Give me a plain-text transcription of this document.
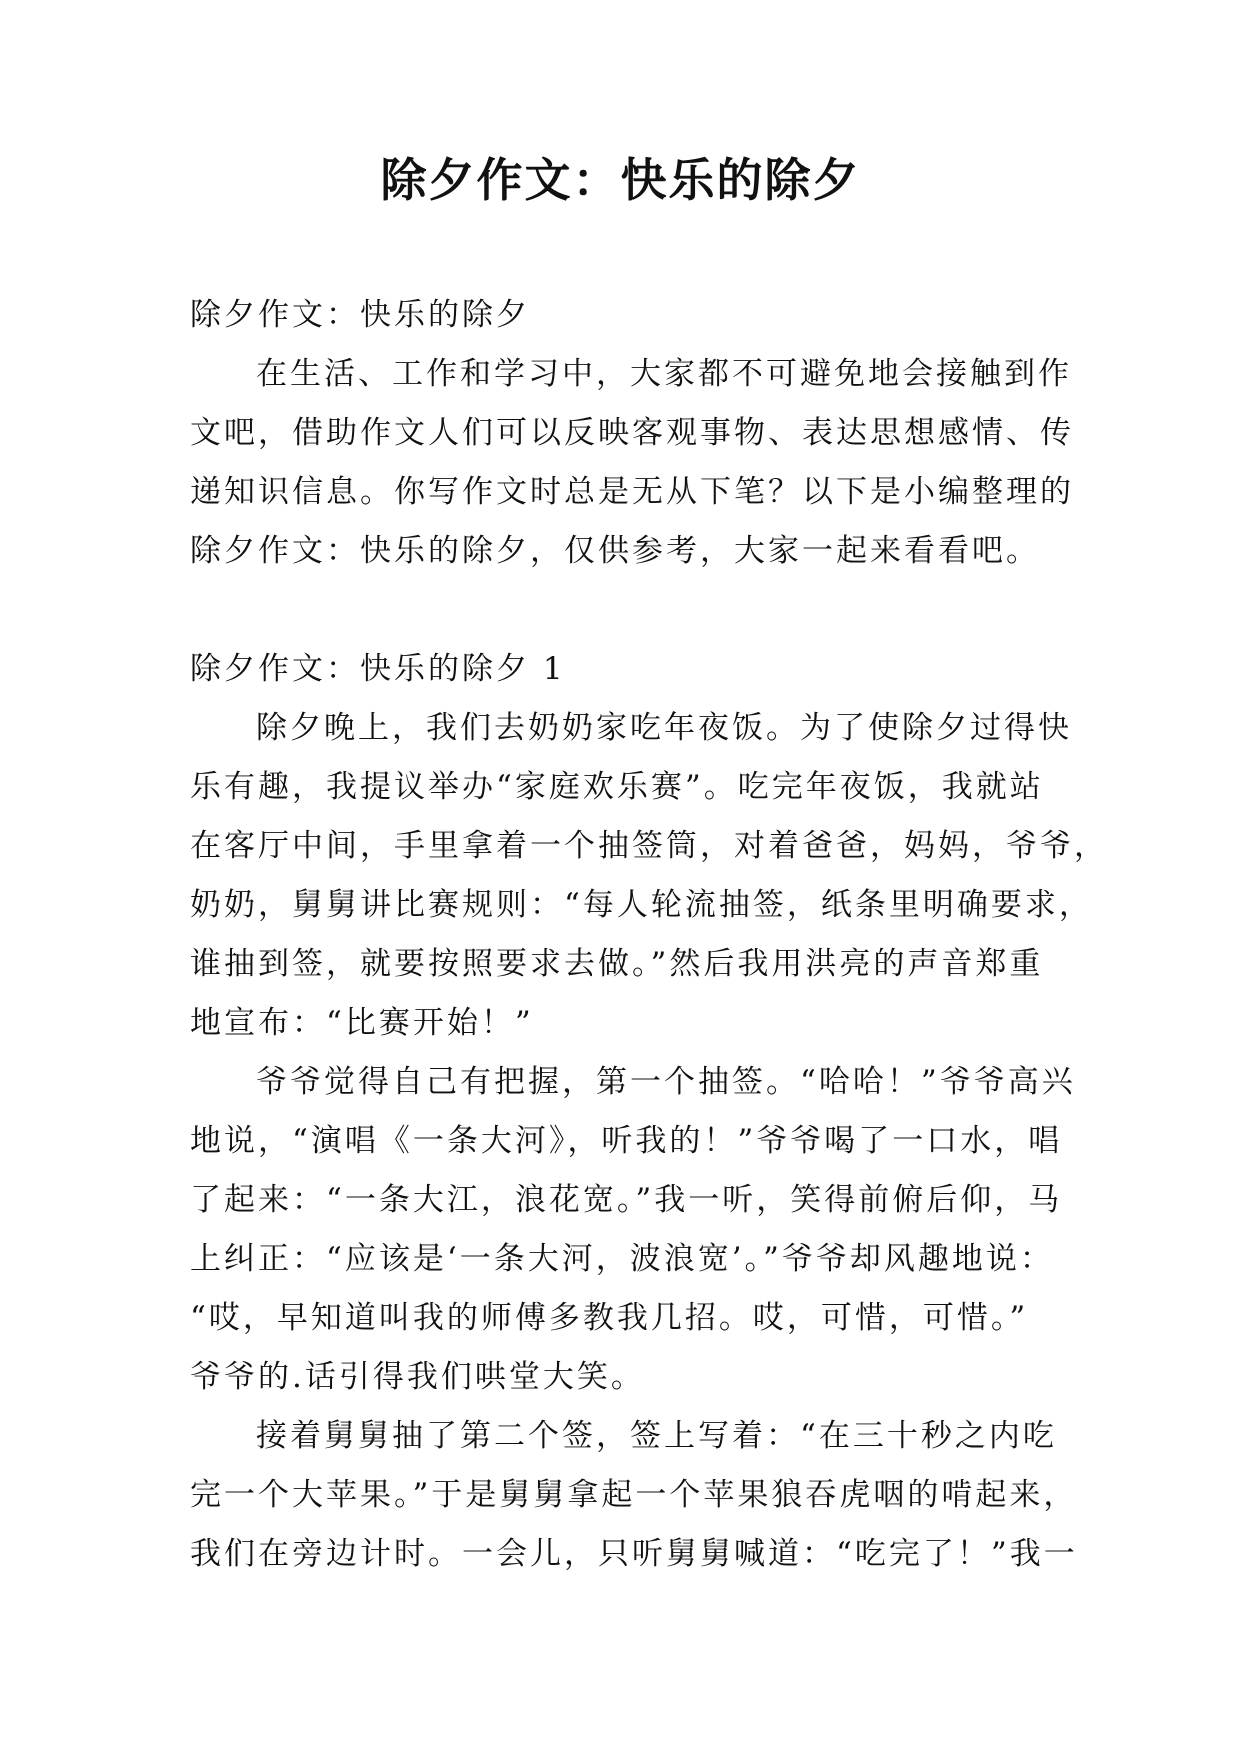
除夕作文：快乐的除夕

除夕作文：快乐的除夕

在生活、工作和学习中，大家都不可避免地会接触到作

文吧，借助作文人们可以反映客观事物、表达思想感情、传

递知识信息。你写作文时总是无从下笔？以下是小编整理的

除夕作文：快乐的除夕，仅供参考，大家一起来看看吧。

除夕作文：快乐的除夕 1

除夕晚上，我们去奶奶家吃年夜饭。为了使除夕过得快

乐有趣，我提议举办“家庭欢乐赛”。吃完年夜饭，我就站

在客厅中间，手里拿着一个抽签筒，对着爸爸，妈妈，爷爷，

奶奶，舅舅讲比赛规则：“每人轮流抽签，纸条里明确要求，

谁抽到签，就要按照要求去做。”然后我用洪亮的声音郑重

地宣布：“比赛开始！”

爷爷觉得自己有把握，第一个抽签。“哈哈！”爷爷高兴

地说，“演唱《一条大河》，听我的！”爷爷喝了一口水，唱

了起来：“一条大江，浪花宽。”我一听，笑得前俯后仰，马

上纠正：“应该是‘一条大河，波浪宽’。”爷爷却风趣地说：

“哎，早知道叫我的师傅多教我几招。哎，可惜，可惜。”

爷爷的.话引得我们哄堂大笑。

接着舅舅抽了第二个签，签上写着：“在三十秒之内吃

完一个大苹果。”于是舅舅拿起一个苹果狼吞虎咽的啃起来，

我们在旁边计时。一会儿，只听舅舅喊道：“吃完了！”我一
